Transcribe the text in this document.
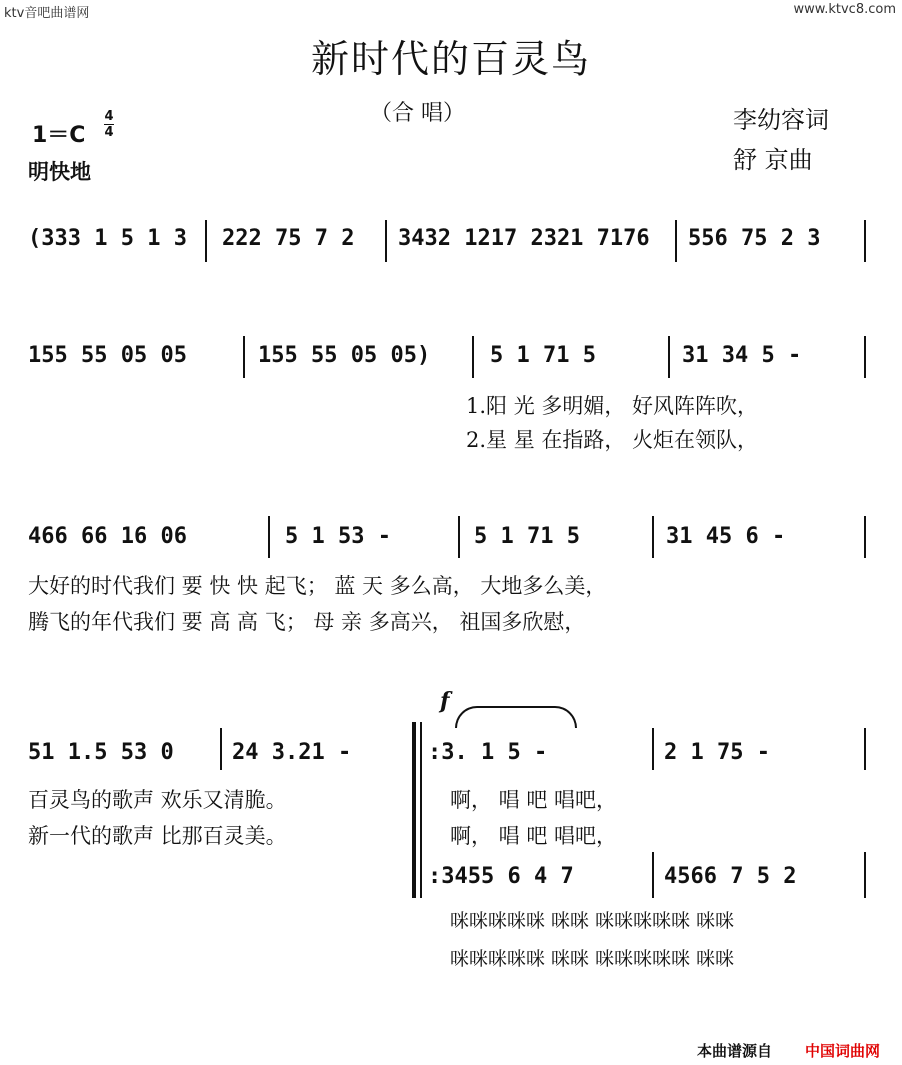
ktv音吧曲谱网	www.ktvc8.com
新时代的百灵鸟
（合 唱）	李幼容词
舒 京曲
1＝C
4
4
明快地
(333 1 5 1 3 222 75 7 2 3432 1217 2321 7176 556 75 2 3
155 55 05 05	155 55 05 05)	5 1 71 5	31 34 5 -
1.阳 光 多明媚， 好风阵阵吹，
2.星 星 在指路， 火炬在领队，
466 66 16 06	5 1 53 -	5 1 71 5	31 45 6 -
大好的时代我们 要 快 快 起飞； 蓝 天 多么高， 大地多么美，
腾飞的年代我们 要 高 高 飞； 母 亲 多高兴， 祖国多欣慰，
51 1.5 53 0	24 3.21 -
百灵鸟的歌声 欢乐又清脆。
新一代的歌声 比那百灵美。
f
:3. 1 5 -	2 1 75 -
啊， 唱 吧 唱吧，
啊， 唱 吧 唱吧，
:3455 6 4 7	4566 7 5 2
咪咪咪咪咪 咪咪 咪咪咪咪咪 咪咪
咪咪咪咪咪 咪咪 咪咪咪咪咪 咪咪
本曲谱源自 中国词曲网
